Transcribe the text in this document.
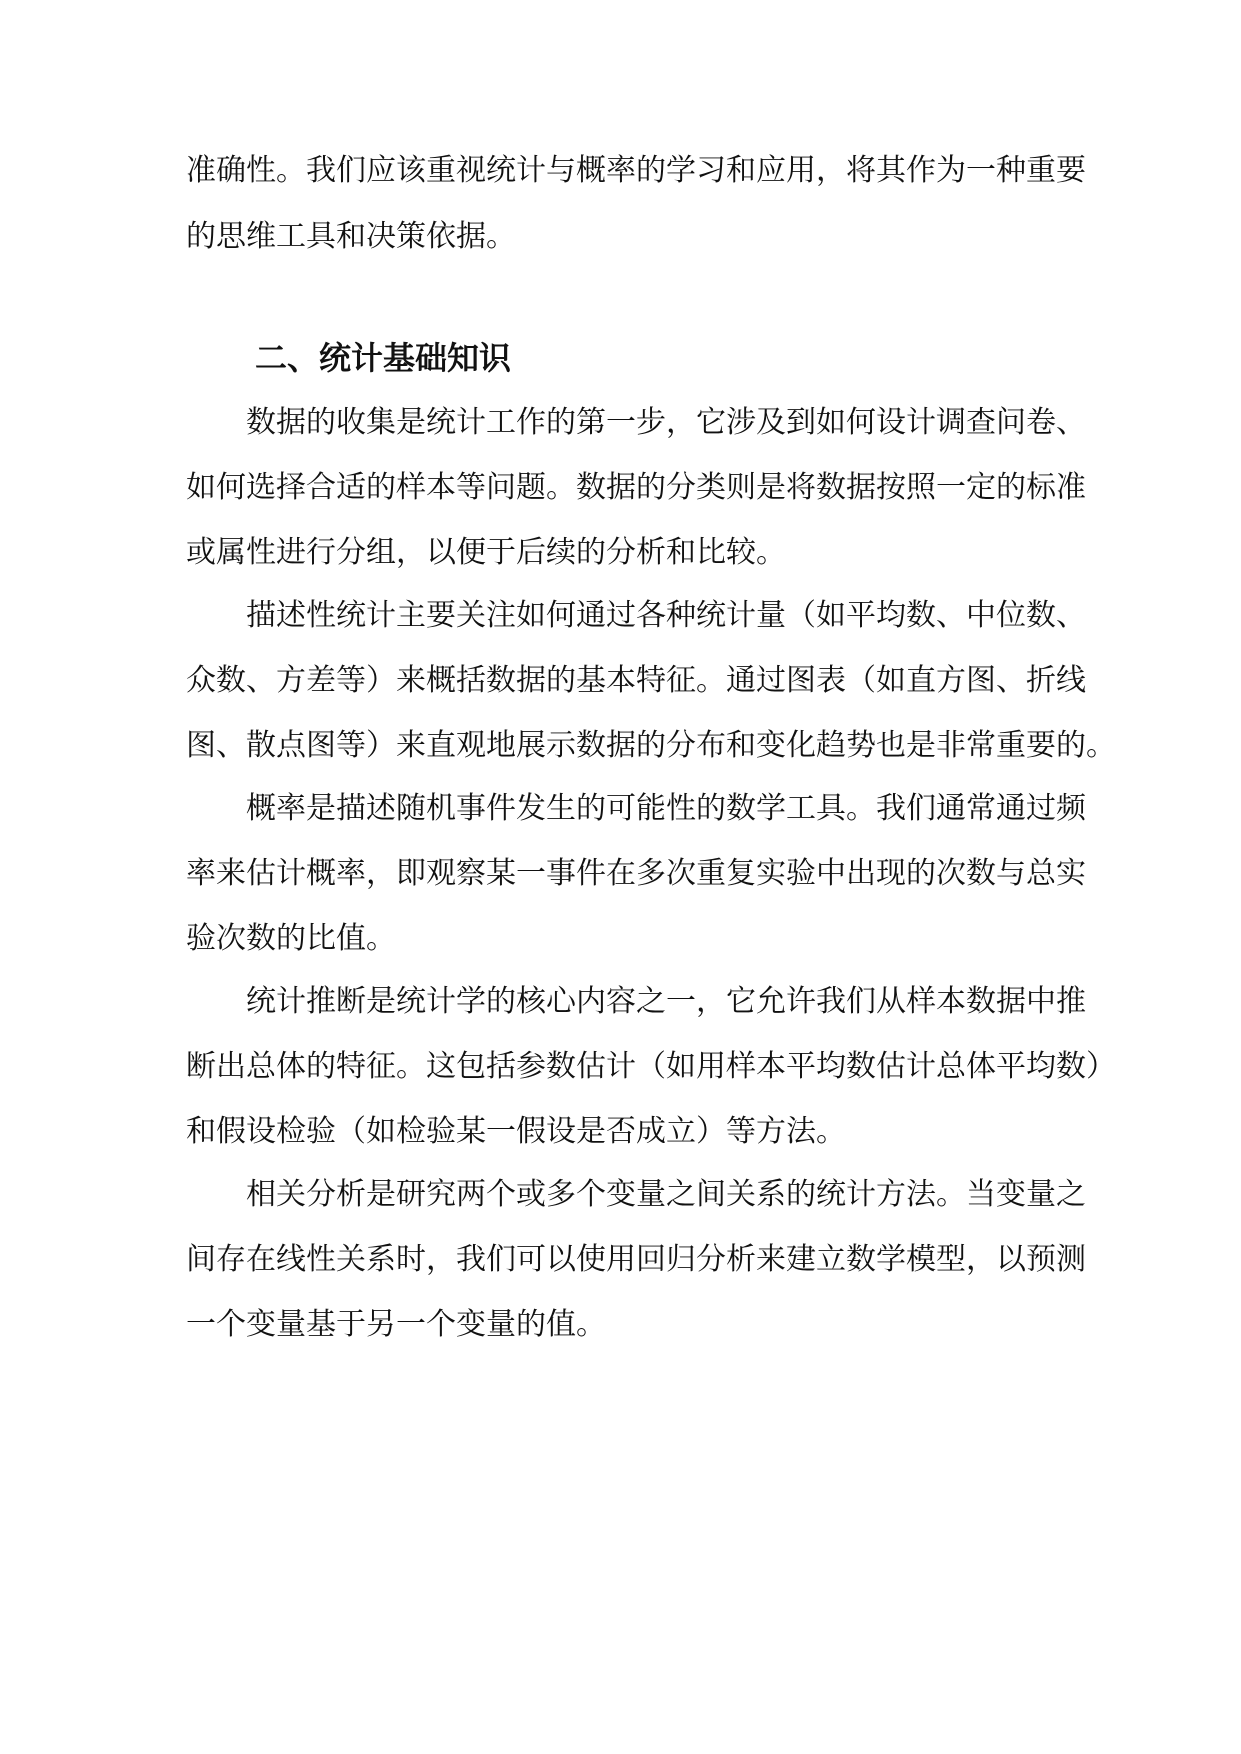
准确性。我们应该重视统计与概率的学习和应用，将其作为一种重要
的思维工具和决策依据。
二、统计基础知识
数据的收集是统计工作的第一步，它涉及到如何设计调查问卷、
如何选择合适的样本等问题。数据的分类则是将数据按照一定的标准
或属性进行分组，以便于后续的分析和比较。
描述性统计主要关注如何通过各种统计量（如平均数、中位数、
众数、方差等）来概括数据的基本特征。通过图表（如直方图、折线
图、散点图等）来直观地展示数据的分布和变化趋势也是非常重要的。
概率是描述随机事件发生的可能性的数学工具。我们通常通过频
率来估计概率，即观察某一事件在多次重复实验中出现的次数与总实
验次数的比值。
统计推断是统计学的核心内容之一，它允许我们从样本数据中推
断出总体的特征。这包括参数估计（如用样本平均数估计总体平均数）
和假设检验（如检验某一假设是否成立）等方法。
相关分析是研究两个或多个变量之间关系的统计方法。当变量之
间存在线性关系时，我们可以使用回归分析来建立数学模型，以预测
一个变量基于另一个变量的值。
